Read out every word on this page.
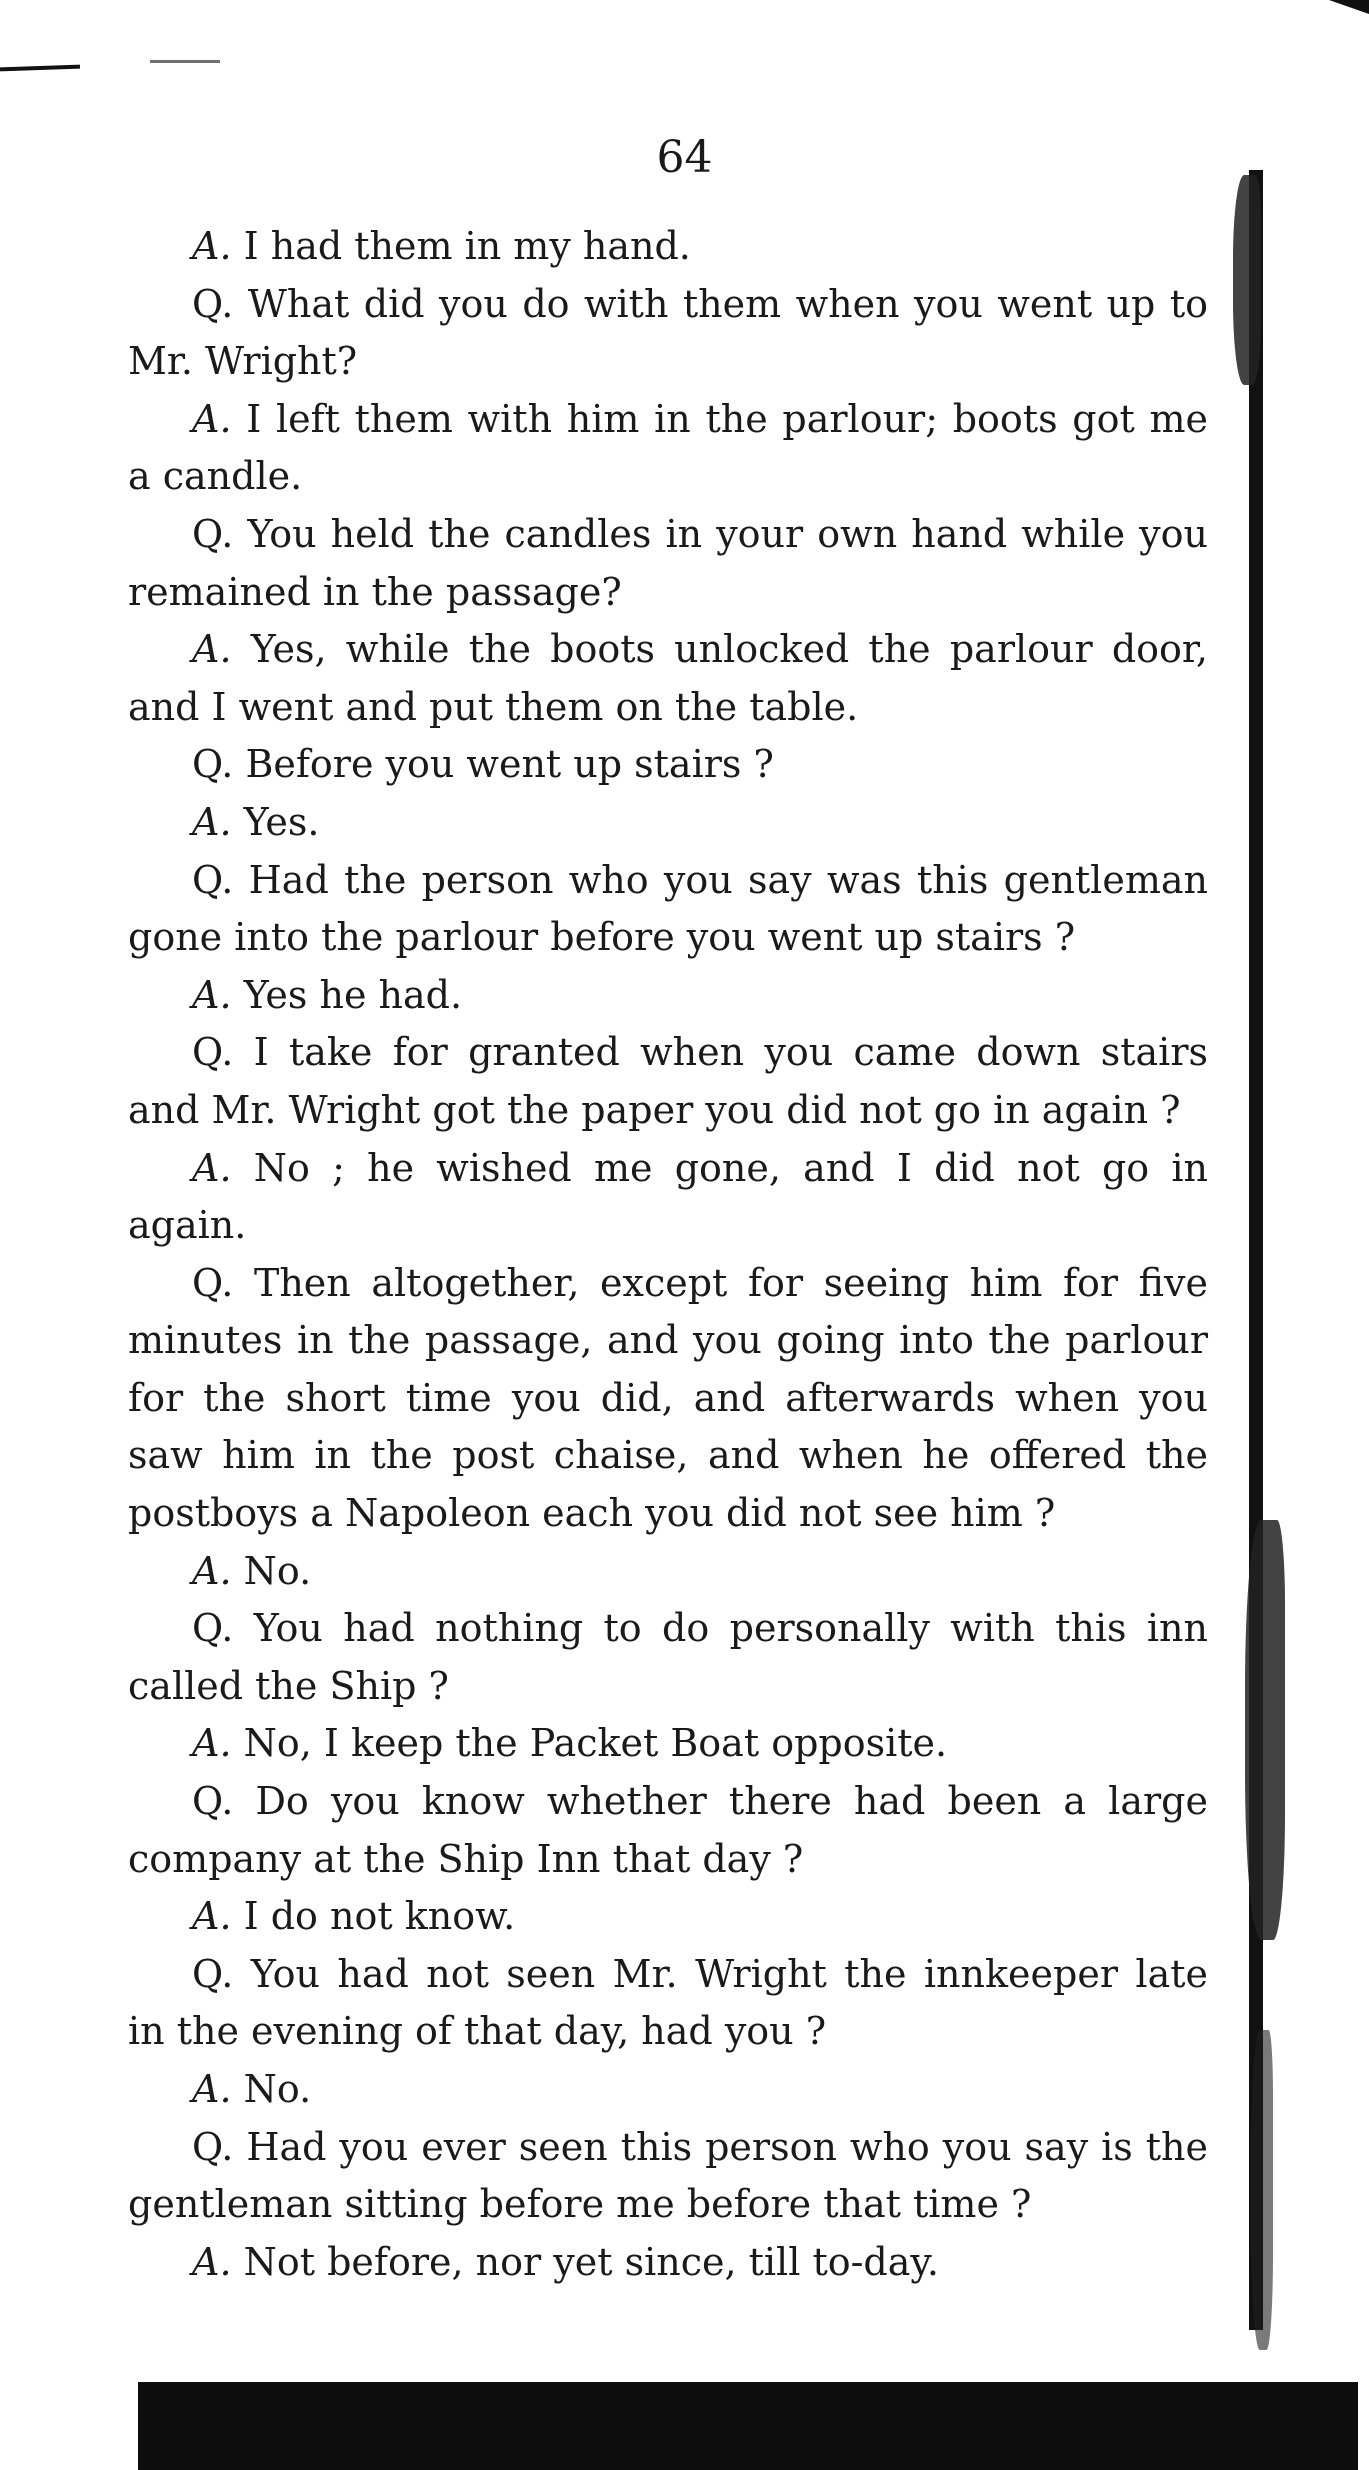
64

A. I had them in my hand.

Q. What did you do with them when you went up to Mr. Wright?

A. I left them with him in the parlour; boots got me a candle.

Q. You held the candles in your own hand while you remained in the passage?

A. Yes, while the boots unlocked the parlour door, and I went and put them on the table.

Q. Before you went up stairs ?

A. Yes.

Q. Had the person who you say was this gentleman gone into the parlour before you went up stairs ?

A. Yes he had.

Q. I take for granted when you came down stairs and Mr. Wright got the paper you did not go in again ?

A. No ; he wished me gone, and I did not go in again.

Q. Then altogether, except for seeing him for five minutes in the passage, and you going into the parlour for the short time you did, and afterwards when you saw him in the post chaise, and when he offered the postboys a Napoleon each you did not see him ?

A. No.

Q. You had nothing to do personally with this inn called the Ship ?

A. No, I keep the Packet Boat opposite.

Q. Do you know whether there had been a large company at the Ship Inn that day ?

A. I do not know.

Q. You had not seen Mr. Wright the innkeeper late in the evening of that day, had you ?

A. No.

Q. Had you ever seen this person who you say is the gentleman sitting before me before that time ?

A. Not before, nor yet since, till to-day.
